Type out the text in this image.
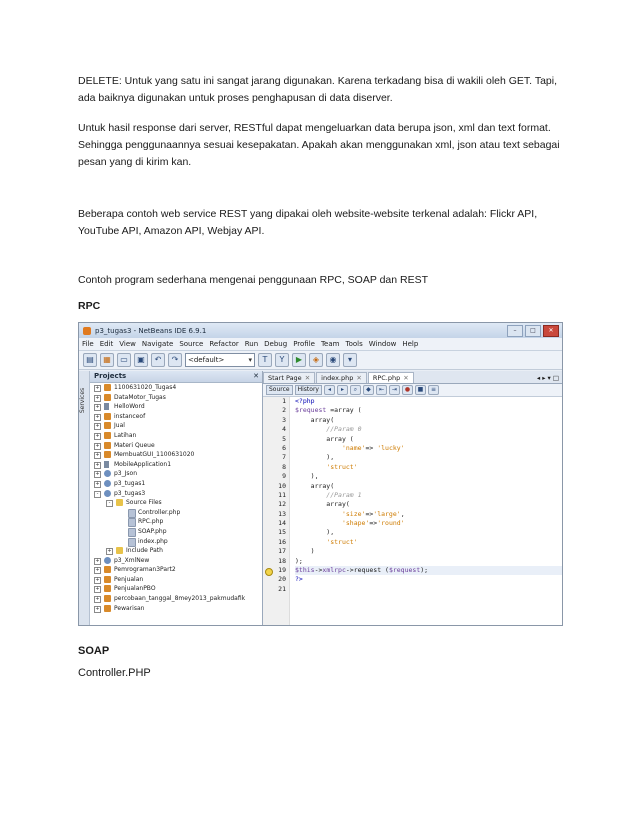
DELETE: Untuk yang satu ini sangat jarang digunakan. Karena terkadang bisa di wakili oleh GET. Tapi, ada baiknya digunakan untuk proses penghapusan di data diserver.

Untuk hasil response dari server, RESTful dapat mengeluarkan data berupa json, xml dan text format. Sehingga penggunaannya sesuai kesepakatan. Apakah akan menggunakan xml, json atau text sebagai pesan yang di kirim kan.

Beberapa contoh web service REST yang dipakai oleh website-website terkenal adalah: Flickr API, YouTube API, Amazon API, Webjay API.

Contoh program sederhana mengenai penggunaan RPC, SOAP dan REST

RPC

p3_tugas3 - NetBeans IDE 6.9.1	–	□	✕
File Edit View Navigate Source Refactor Run Debug Profile Team Tools Window Help
▤	▦	▭	▣	↶	↷	<default>	▾	T	Y	▶	◈	◉	▾
Services
Projects	✕
+ 1100631020_Tugas4
+ DataMotor_Tugas
+ HelloWord
+ instanceof
+ Jual
+ Latihan
+ Materi Queue
+ MembuatGUI_1100631020
+ MobileApplication1
+ p3_Json
+ p3_tugas1
-	p3_tugas3
-	Source Files
Controller.php
RPC.php
SOAP.php
index.php
+ Include Path
+ p3_XmlNew
+ Pemrograman3Part2
+ Penjualan
+ PenjualanPBO
+ percobaan_tanggal_8mey2013_pakmudafik
+ Pewarisan
Start Page ✕	index.php ✕	RPC.php ✕	◂ ▸ ▾ □
Source	History	◂	▸	⌕	◆	⇤	⇥	●	■	≡
1
2
3
4
5
6
7
8
9
10
11
12
13
14
15
16
17
18
19
20
21
<?php
$request =array (
array(
//Param 0
array (
'name'=> 'lucky'
),
'struct'
),
array(
//Param 1
array(
'size'=>'large',
'shape'=>'round'
),
'struct'
)
);
$this->xmlrpc->request ($request);
?>

SOAP

Controller.PHP
